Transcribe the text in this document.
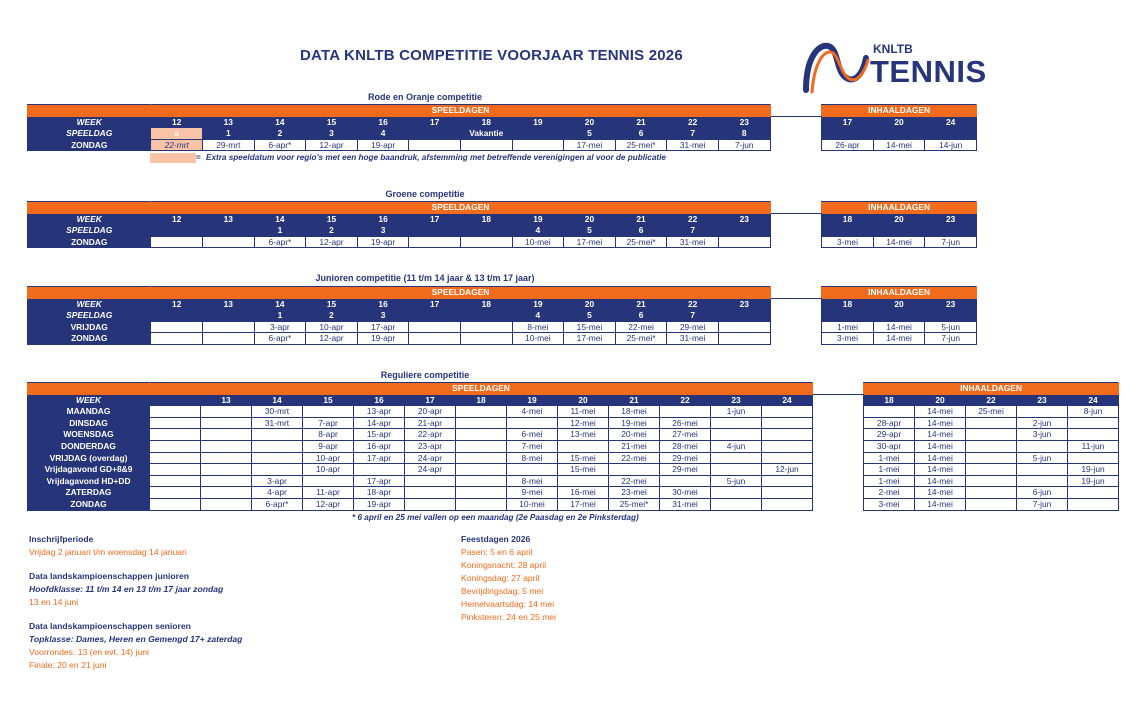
DATA KNLTB COMPETITIE VOORJAAR TENNIS 2026	KNLTB
TENNIS
Rode en Oranje competitie
	SPEELDAGEN													INHAALDAGEN		
WEEK	12	13	14	15	16	17	18	19	20	21	22	23		17	20	24
SPEELDAG	a	1	2	3	4		Vakantie		5	6	7	8				
ZONDAG	22-mrt	29-mrt	6-apr*	12-apr	19-apr				17-mei	25-mei*	31-mei	7-jun		26-apr	14-mei	14-jun
= Extra speeldatum voor regio's met een hoge baandruk, afstemming met betreffende verenigingen al voor de publicatie
Groene competitie
	SPEELDAGEN													INHAALDAGEN		
WEEK	12	13	14	15	16	17	18	19	20	21	22	23		18	20	23
SPEELDAG			1	2	3			4	5	6	7					
ZONDAG			6-apr*	12-apr	19-apr			10-mei	17-mei	25-mei*	31-mei			3-mei	14-mei	7-jun
Junioren competitie (11 t/m 14 jaar & 13 t/m 17 jaar)
	SPEELDAGEN													INHAALDAGEN		
WEEK	12	13	14	15	16	17	18	19	20	21	22	23		18	20	23
SPEELDAG			1	2	3			4	5	6	7					
VRIJDAG			3-apr	10-apr	17-apr			8-mei	15-mei	22-mei	29-mei			1-mei	14-mei	5-jun
ZONDAG			6-apr*	12-apr	19-apr			10-mei	17-mei	25-mei*	31-mei			3-mei	14-mei	7-jun
Reguliere competitie
	SPEELDAGEN														INHAALDAGEN				
WEEK		13	14	15	16	17	18	19	20	21	22	23	24		18	20	22	23	24
MAANDAG			30-mrt		13-apr	20-apr		4-mei	11-mei	18-mei		1-jun				14-mei	25-mei		8-jun
DINSDAG			31-mrt	7-apr	14-apr	21-apr			12-mei	19-mei	26-mei				28-apr	14-mei		2-jun	
WOENSDAG				8-apr	15-apr	22-apr		6-mei	13-mei	20-mei	27-mei				29-apr	14-mei		3-jun	
DONDERDAG				9-apr	16-apr	23-apr		7-mei		21-mei	28-mei	4-jun			30-apr	14-mei			11-jun
VRIJDAG (overdag)				10-apr	17-apr	24-apr		8-mei	15-mei	22-mei	29-mei				1-mei	14-mei		5-jun	
Vrijdagavond GD+8&9				10-apr		24-apr			15-mei		29-mei		12-jun		1-mei	14-mei			19-jun
Vrijdagavond HD+DD			3-apr		17-apr			8-mei		22-mei		5-jun			1-mei	14-mei			19-jun
ZATERDAG			4-apr	11-apr	18-apr			9-mei	16-mei	23-mei	30-mei				2-mei	14-mei		6-jun	
ZONDAG			6-apr*	12-apr	19-apr			10-mei	17-mei	25-mei*	31-mei				3-mei	14-mei		7-jun	
* 6 april en 25 mei vallen op een maandag (2e Paasdag en 2e Pinksterdag)
Inschrijfperiode
Vrijdag 2 januari t/m woensdag 14 januari
Data landskampioenschappen junioren
Hoofdklasse: 11 t/m 14 en 13 t/m 17 jaar zondag
13 en 14 juni
Data landskampioenschappen senioren
Topklasse: Dames, Heren en Gemengd 17+ zaterdag
Voorrondes: 13 (en evt. 14) juni
Finale: 20 en 21 juni
Feestdagen 2026
Pasen: 5 en 6 april
Koningsnacht: 28 april
Koningsdag: 27 april
Bevrijdingsdag: 5 mei
Hemelvaartsdag: 14 mei
Pinksteren: 24 en 25 mei
